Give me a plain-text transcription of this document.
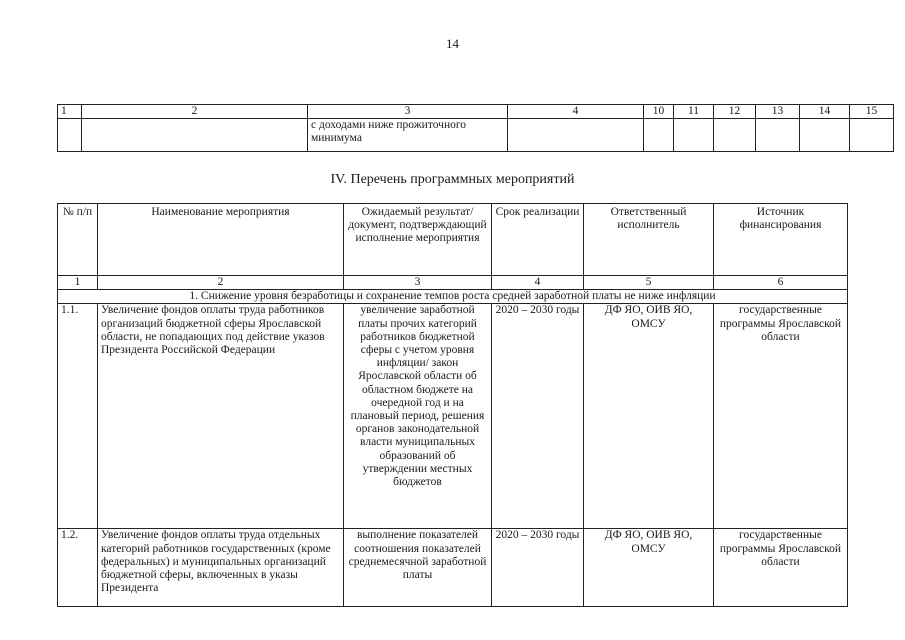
14
1	2	3	4	10	11	12	13	14	15
		с доходами ниже прожиточного минимума							
IV. Перечень программных мероприятий
№ п/п	Наименование мероприятия	Ожидаемый результат/ документ, подтверждающий исполнение мероприятия	Срок реализации	Ответственный исполнитель	Источник финансирования
1	2	3	4	5	6
1. Снижение уровня безработицы и сохранение темпов роста средней заработной платы не ниже инфляции					
1.1.	Увеличение фондов оплаты труда работников организаций бюджетной сферы Ярославской области, не попадающих под действие указов Президента Российской Федерации	увеличение заработной платы прочих категорий работников бюджетной сферы с учетом уровня инфляции/ закон Ярославской области об областном бюджете на очередной год и на плановый период, решения органов законодательной власти муниципальных образований об утверждении местных бюджетов	2020 – 2030 годы	ДФ ЯО, ОИВ ЯО, ОМСУ	государственные программы Ярославской области
1.2.	Увеличение фондов оплаты труда отдельных категорий работников государственных (кроме федеральных) и муниципальных организаций бюджетной сферы, включенных в указы Президента	выполнение показателей соотношения показателей среднемесячной заработной платы	2020 – 2030 годы	ДФ ЯО, ОИВ ЯО, ОМСУ	государственные программы Ярославской области
